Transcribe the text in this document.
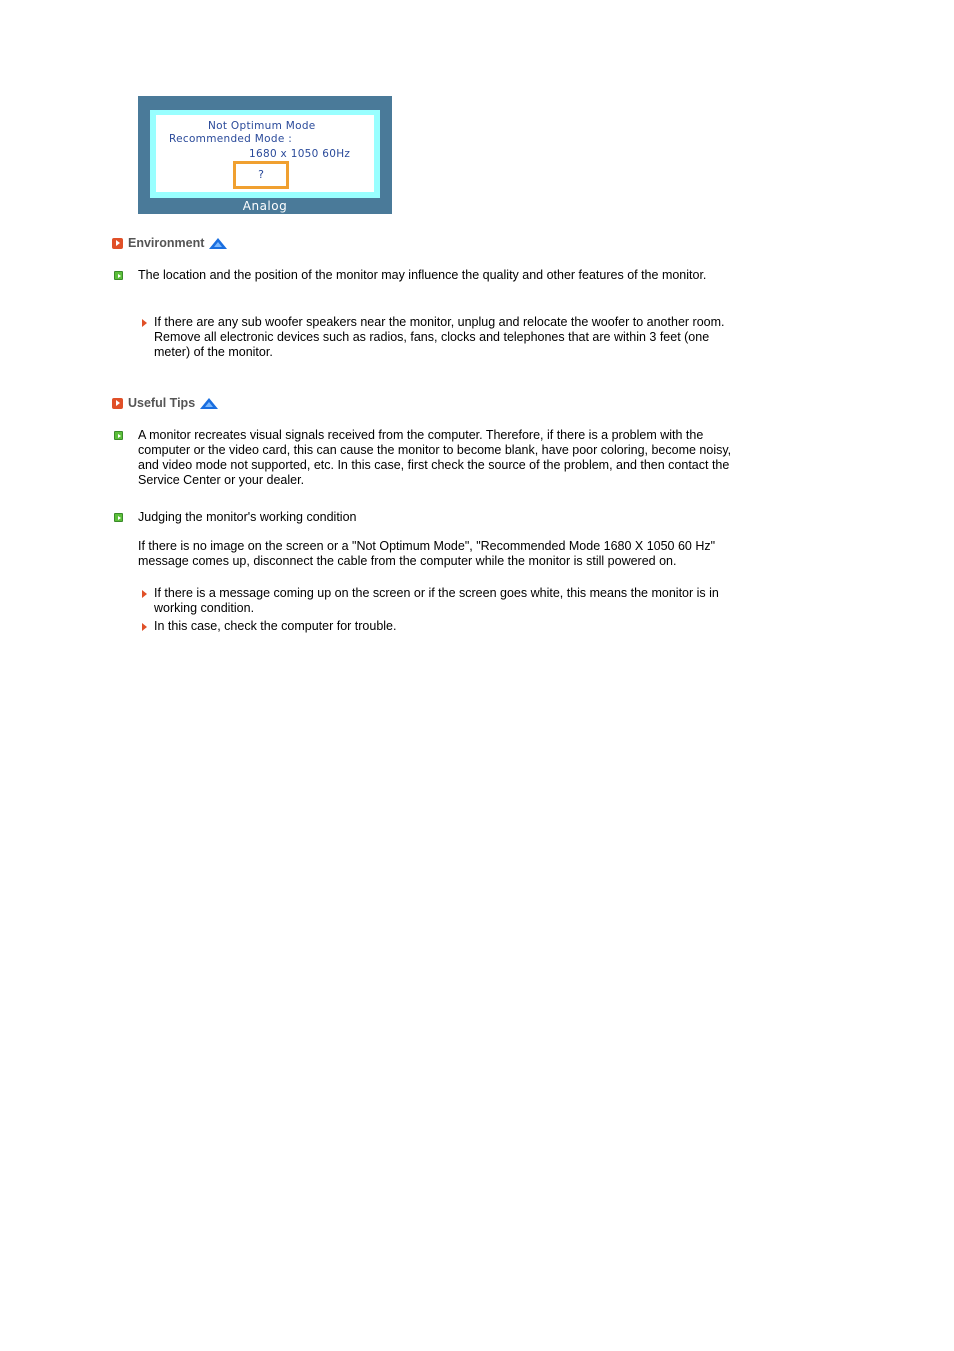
Not Optimum Mode
Recommended Mode :
1680 x 1050 60Hz
?
Analog
Environment
The location and the position of the monitor may influence the quality and other features of the monitor.
If there are any sub woofer speakers near the monitor, unplug and relocate the woofer to another room.
Remove all electronic devices such as radios, fans, clocks and telephones that are within 3 feet (one meter) of the monitor.
Useful Tips
A monitor recreates visual signals received from the computer. Therefore, if there is a problem with the computer or the video card, this can cause the monitor to become blank, have poor coloring, become noisy, and video mode not supported, etc. In this case, first check the source of the problem, and then contact the Service Center or your dealer.
Judging the monitor's working condition
If there is no image on the screen or a "Not Optimum Mode", "Recommended Mode 1680 X 1050 60 Hz" message comes up, disconnect the cable from the computer while the monitor is still powered on.
If there is a message coming up on the screen or if the screen goes white, this means the monitor is in working condition.
In this case, check the computer for trouble.
